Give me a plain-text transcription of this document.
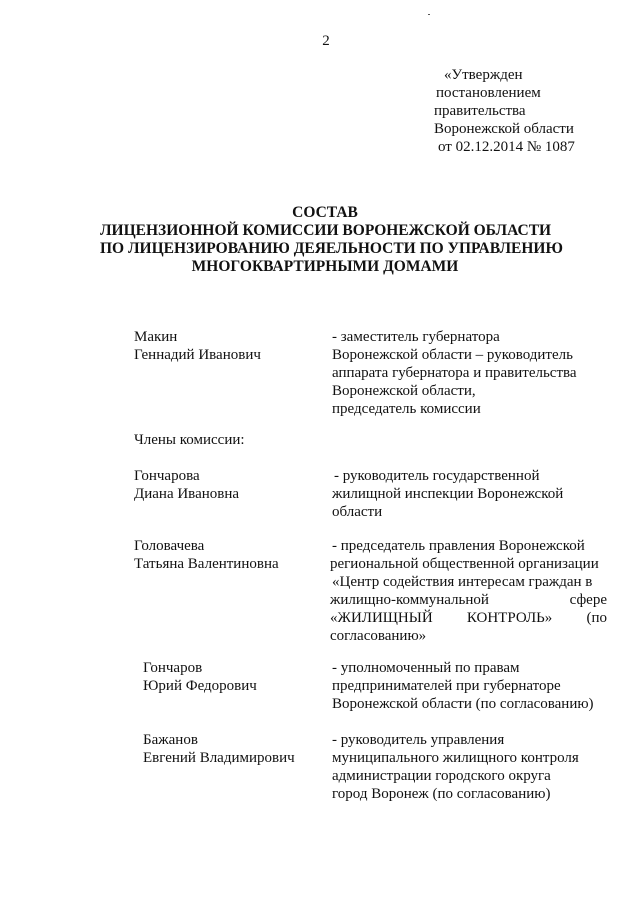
2
«Утвержден
постановлением
правительства
Воронежской области
от 02.12.2014 № 1087
СОСТАВ
ЛИЦЕНЗИОННОЙ КОМИССИИ ВОРОНЕЖСКОЙ ОБЛАСТИ
ПО ЛИЦЕНЗИРОВАНИЮ ДЕЯЕЛЬНОСТИ ПО УПРАВЛЕНИЮ
МНОГОКВАРТИРНЫМИ ДОМАМИ
Макин
Геннадий Иванович
- заместитель губернатора
Воронежской области – руководитель
аппарата губернатора и правительства
Воронежской области,
председатель комиссии
Члены комиссии:
Гончарова
Диана Ивановна
- руководитель государственной
жилищной инспекции Воронежской
области
Головачева
Татьяна Валентиновна
- председатель правления Воронежской
региональной общественной организации
«Центр содействия интересам граждан в
жилищно-коммунальной	сфере
«ЖИЛИЩНЫЙ КОНТРОЛЬ» (по
согласованию»
Гончаров
Юрий Федорович
- уполномоченный по правам
предпринимателей при губернаторе
Воронежской области (по согласованию)
Бажанов
Евгений Владимирович
- руководитель управления
муниципального жилищного контроля
администрации городского округа
город Воронеж (по согласованию)
